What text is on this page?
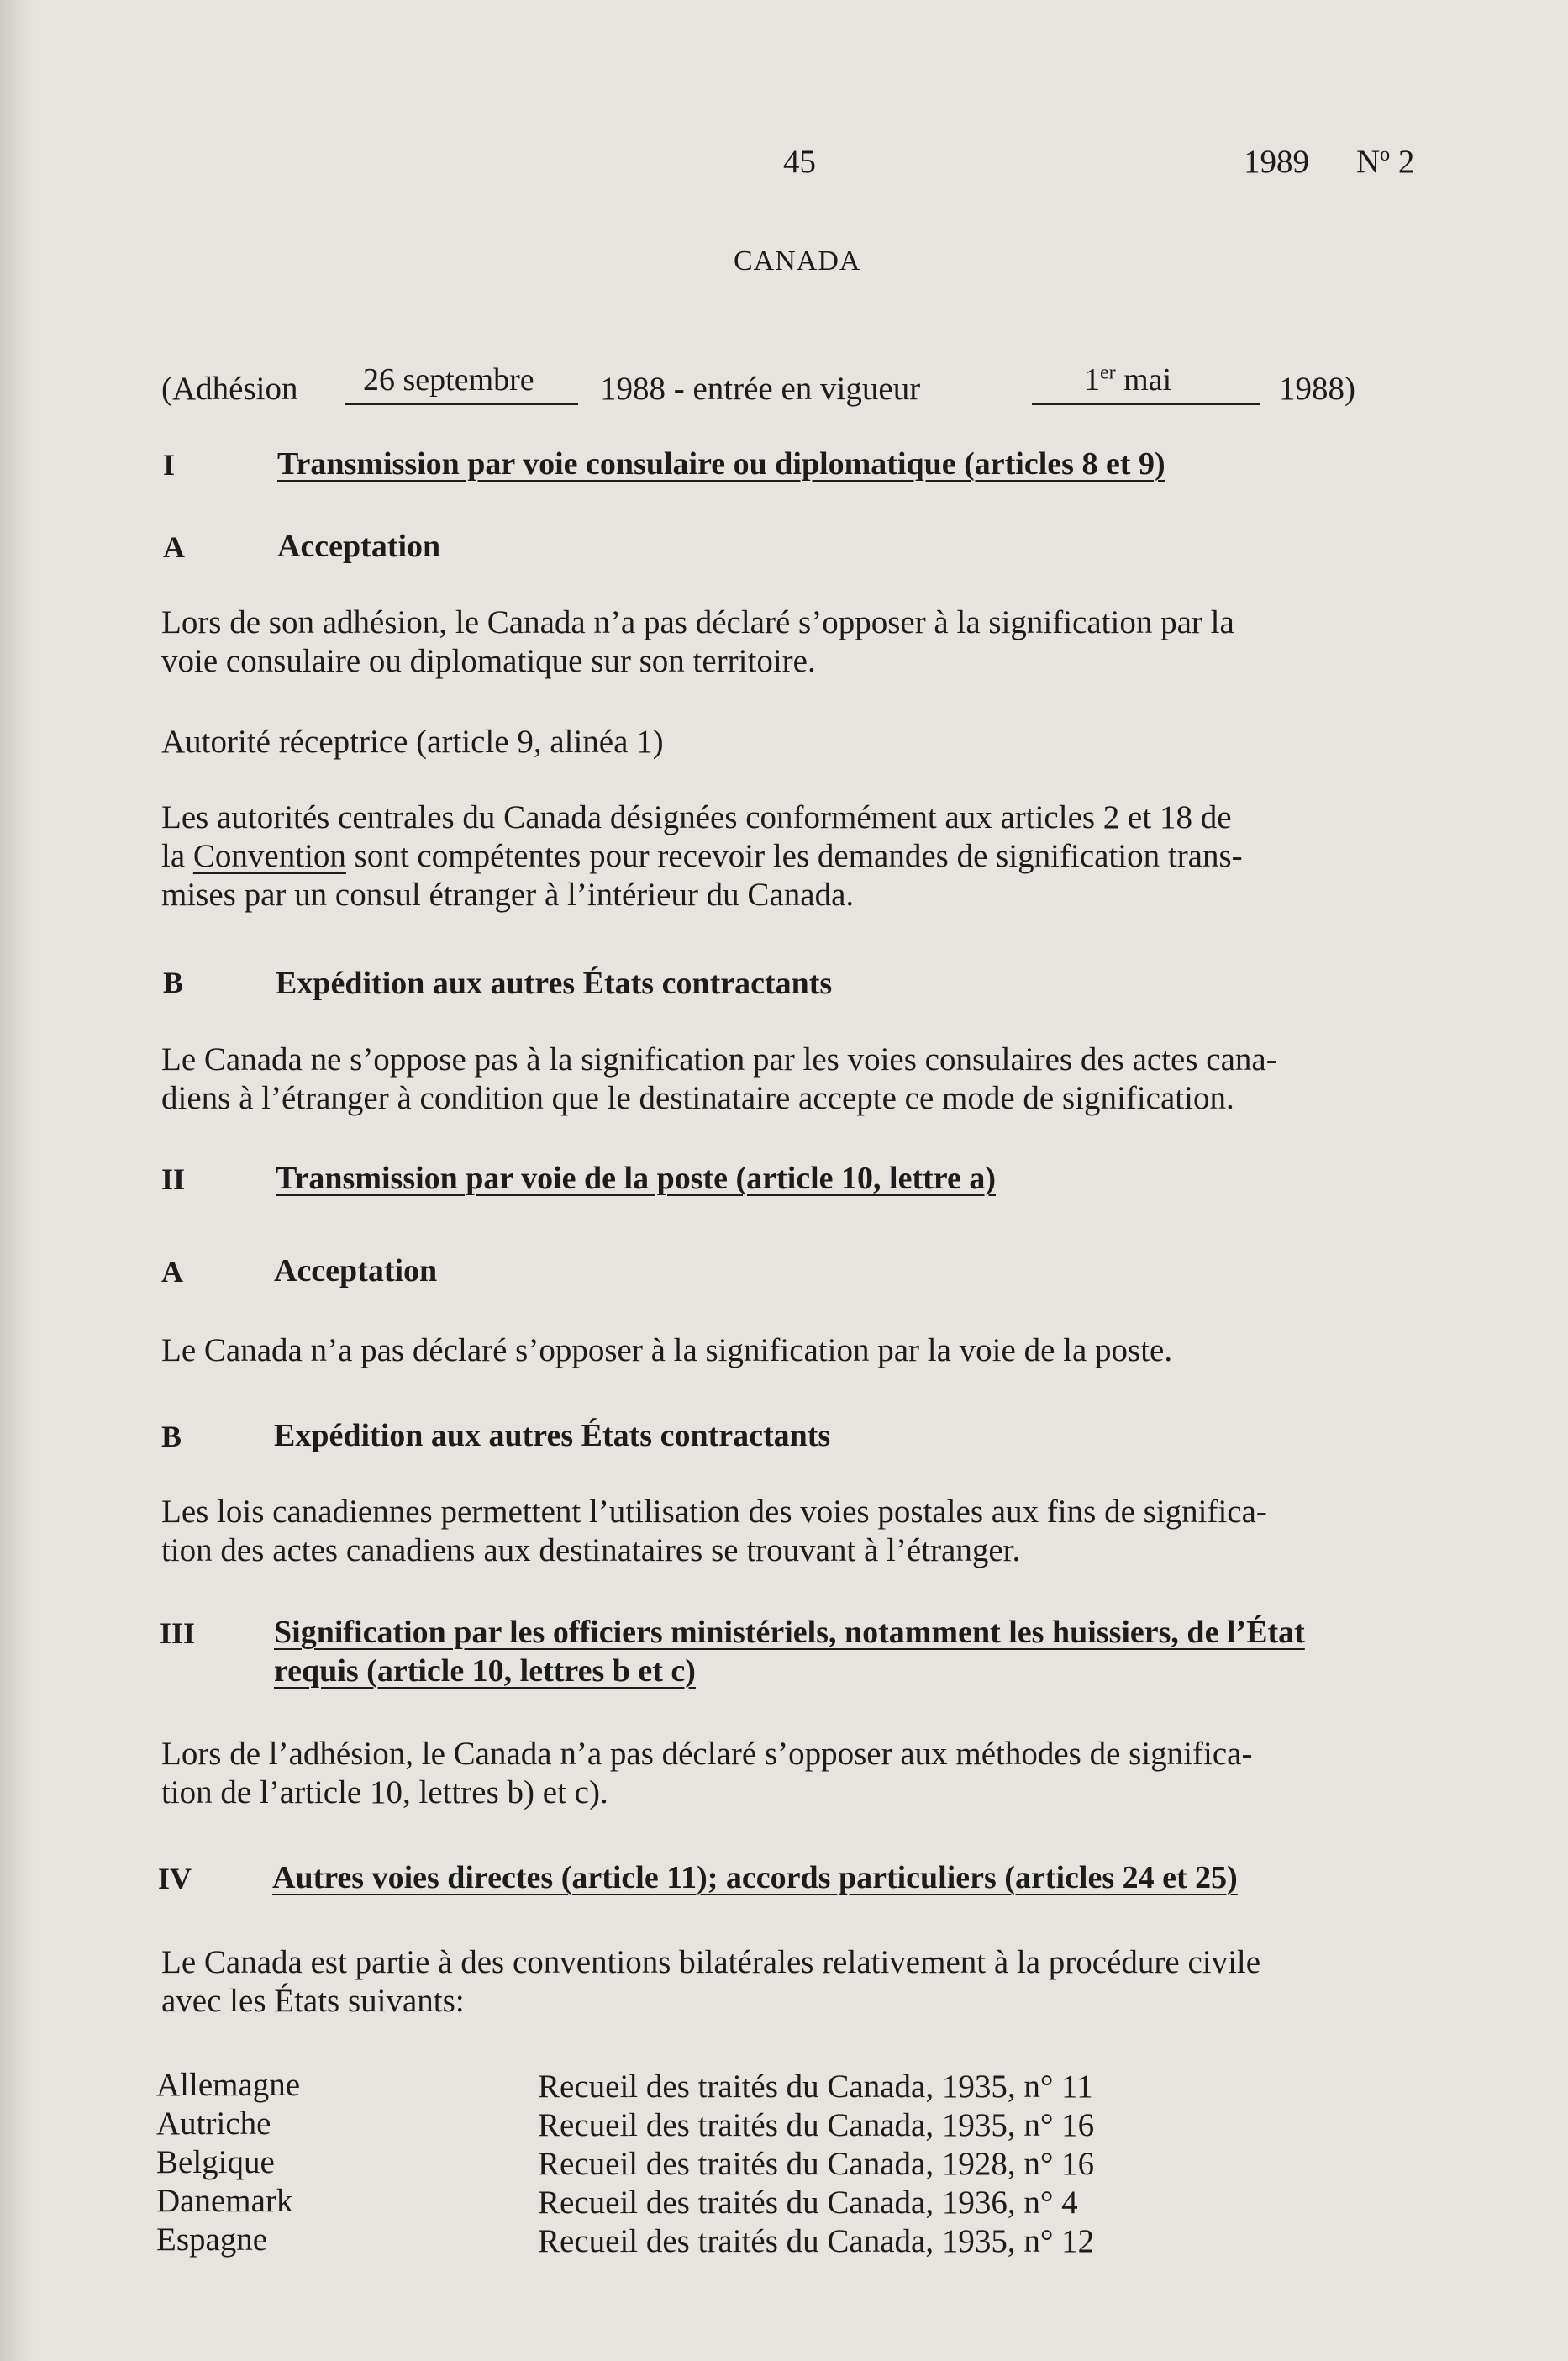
45	1989 $N^o$ 2
CANADA
(Adhésion 26 septembre 1988 - entrée en vigueur	1er mai	1988)
I	Transmission par voie consulaire ou diplomatique (articles 8 et 9)
A	Acceptation
Lors de son adhésion, le Canada n’a pas déclaré s’opposer à la signification par la
voie consulaire ou diplomatique sur son territoire.
Autorité réceptrice (article 9, alinéa 1)
Les autorités centrales du Canada désignées conformément aux articles 2 et 18 de
la Convention sont compétentes pour recevoir les demandes de signification trans-
mises par un consul étranger à l’intérieur du Canada.
B	Expédition aux autres États contractants
Le Canada ne s’oppose pas à la signification par les voies consulaires des actes cana-
diens à l’étranger à condition que le destinataire accepte ce mode de signification.
II	Transmission par voie de la poste (article 10, lettre a)
A	Acceptation
Le Canada n’a pas déclaré s’opposer à la signification par la voie de la poste.
B	Expédition aux autres États contractants
Les lois canadiennes permettent l’utilisation des voies postales aux fins de significa-
tion des actes canadiens aux destinataires se trouvant à l’étranger.
III Signification par les officiers ministériels, notamment les huissiers, de l’État
requis (article 10, lettres b et c)
Lors de l’adhésion, le Canada n’a pas déclaré s’opposer aux méthodes de significa-
tion de l’article 10, lettres b) et c).
IV	Autres voies directes (article 11); accords particuliers (articles 24 et 25)
Le Canada est partie à des conventions bilatérales relativement à la procédure civile
avec les États suivants:
Allemagne	Recueil des traités du Canada, 1935, n° 11
Autriche	Recueil des traités du Canada, 1935, n° 16
Belgique	Recueil des traités du Canada, 1928, n° 16
Danemark	Recueil des traités du Canada, 1936, n° 4
Espagne	Recueil des traités du Canada, 1935, n° 12
